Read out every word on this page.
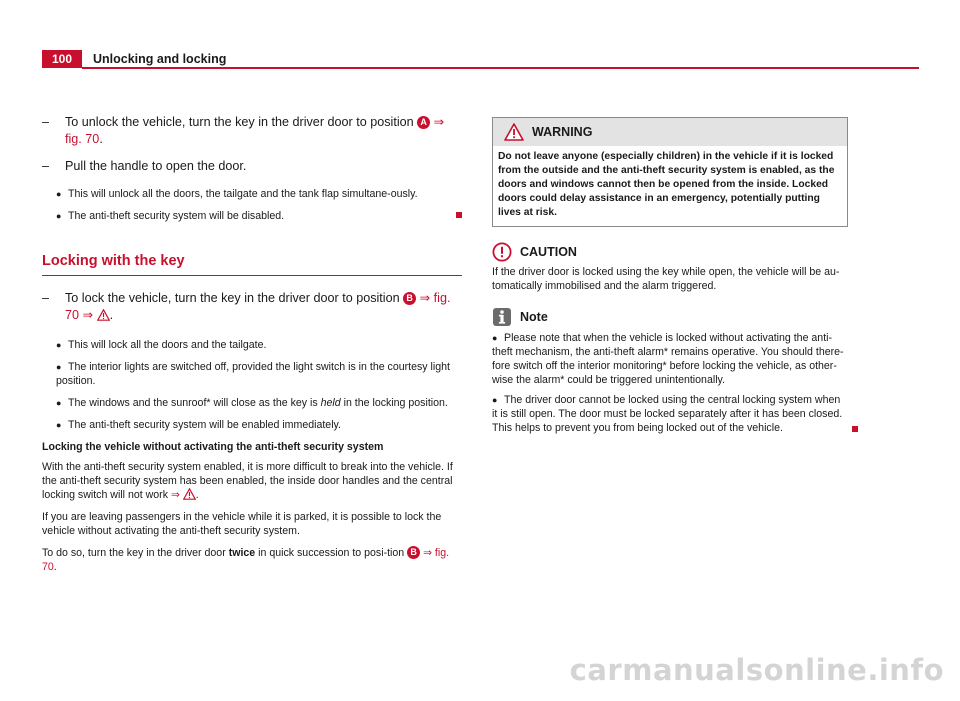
100	Unlocking and locking
– To unlock the vehicle, turn the key in the driver door to position A ⇒ fig. 70.
– Pull the handle to open the door.
● This will unlock all the doors, the tailgate and the tank flap simultane-ously.
● The anti-theft security system will be disabled.
Locking with the key
– To lock the vehicle, turn the key in the driver door to position B ⇒ fig. 70 ⇒ .
● This will lock all the doors and the tailgate.
● The interior lights are switched off, provided the light switch is in the courtesy light position.
● The windows and the sunroof* will close as the key is held in the locking position.
● The anti-theft security system will be enabled immediately.
Locking the vehicle without activating the anti-theft security system
With the anti-theft security system enabled, it is more difficult to break into the vehicle. If the anti-theft security system has been enabled, the inside door handles and the central locking switch will not work ⇒ .
If you are leaving passengers in the vehicle while it is parked, it is possible to lock the vehicle without activating the anti-theft security system.
To do so, turn the key in the driver door twice in quick succession to posi-tion B ⇒ fig. 70.
WARNING
Do not leave anyone (especially children) in the vehicle if it is locked from the outside and the anti-theft security system is enabled, as the doors and windows cannot then be opened from the inside. Locked doors could delay assistance in an emergency, potentially putting lives at risk.
CAUTION

If the driver door is locked using the key while open, the vehicle will be au-tomatically immobilised and the alarm triggered.

Note
● Please note that when the vehicle is locked without activating the anti-theft mechanism, the anti-theft alarm* remains operative. You should there-fore switch off the interior monitoring* before locking the vehicle, as other-wise the alarm* could be triggered unintentionally.
● The driver door cannot be locked using the central locking system when it is still open. The door must be locked separately after it has been closed. This helps to prevent you from being locked out of the vehicle.
carmanualsonline.info
